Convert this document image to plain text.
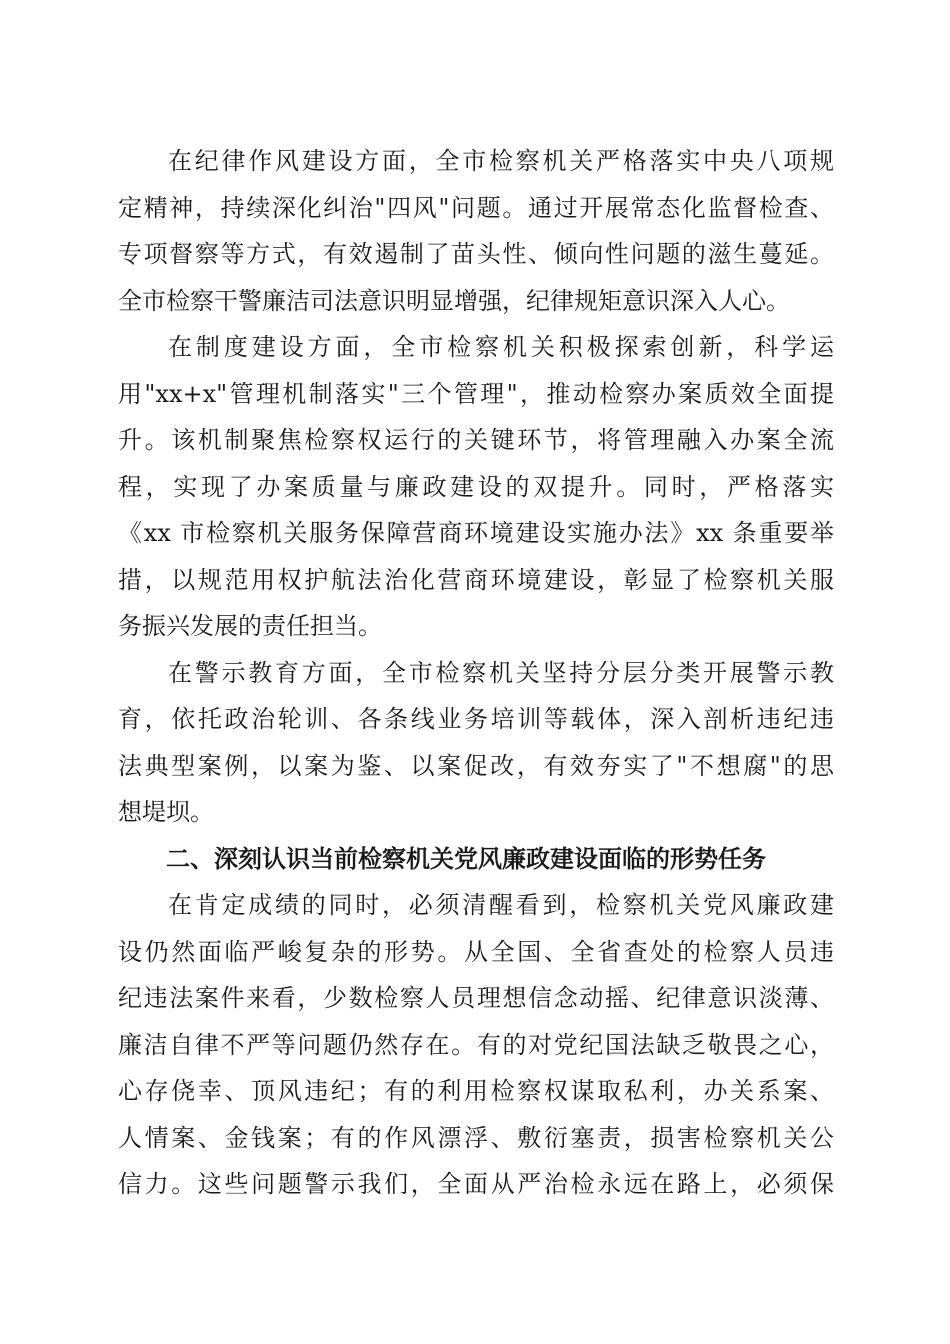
在纪律作风建设方面，全市检察机关严格落实中央八项规
定精神，持续深化纠治"四风"问题。通过开展常态化监督检查、
专项督察等方式，有效遏制了苗头性、倾向性问题的滋生蔓延。
全市检察干警廉洁司法意识明显增强，纪律规矩意识深入人心。
在制度建设方面，全市检察机关积极探索创新，科学运
用"xx+x"管理机制落实"三个管理"，推动检察办案质效全面提
升。该机制聚焦检察权运行的关键环节，将管理融入办案全流
程，实现了办案质量与廉政建设的双提升。同时，严格落实
《xx 市检察机关服务保障营商环境建设实施办法》xx 条重要举
措，以规范用权护航法治化营商环境建设，彰显了检察机关服
务振兴发展的责任担当。
在警示教育方面，全市检察机关坚持分层分类开展警示教
育，依托政治轮训、各条线业务培训等载体，深入剖析违纪违
法典型案例，以案为鉴、以案促改，有效夯实了"不想腐"的思
想堤坝。
二、深刻认识当前检察机关党风廉政建设面临的形势任务
在肯定成绩的同时，必须清醒看到，检察机关党风廉政建
设仍然面临严峻复杂的形势。从全国、全省查处的检察人员违
纪违法案件来看，少数检察人员理想信念动摇、纪律意识淡薄、
廉洁自律不严等问题仍然存在。有的对党纪国法缺乏敬畏之心，
心存侥幸、顶风违纪；有的利用检察权谋取私利，办关系案、
人情案、金钱案；有的作风漂浮、敷衍塞责，损害检察机关公
信力。这些问题警示我们，全面从严治检永远在路上，必须保
